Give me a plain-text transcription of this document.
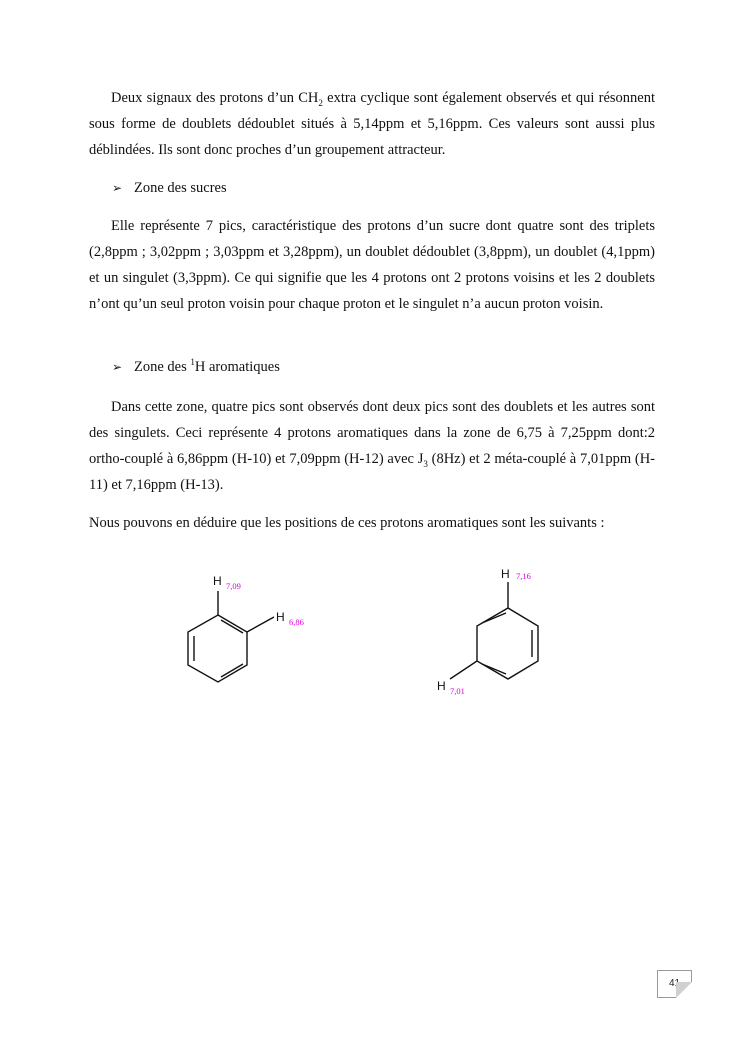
Deux signaux des protons d’un $CH_2$ extra cyclique sont également observés et qui résonnent sous forme de doublets dédoublet situés à 5,14ppm et 5,16ppm. Ces valeurs sont aussi plus déblindées. Ils sont donc proches d’un groupement attracteur.

➢ Zone des sucres

Elle représente 7 pics, caractéristique des protons d’un sucre dont quatre sont des triplets (2,8ppm ; 3,02ppm ; 3,03ppm et 3,28ppm), un doublet dédoublet (3,8ppm), un doublet (4,1ppm) et un singulet (3,3ppm). Ce qui signifie que les 4 protons ont 2 protons voisins et les 2 doublets n’ont qu’un seul proton voisin pour chaque proton et le singulet n’a aucun proton voisin.

➢ Zone des $^1$H aromatiques

Dans cette zone, quatre pics sont observés dont deux pics sont des doublets et les autres sont des singulets. Ceci représente 4 protons aromatiques dans la zone de 6,75 à 7,25ppm dont:2 ortho-couplé à 6,86ppm (H-10) et 7,09ppm (H-12) avec $J_3$ (8Hz) et 2 méta-couplé à 7,01ppm (H-11) et 7,16ppm (H-13).

Nous pouvons en déduire que les positions de ces protons aromatiques sont les suivants :

H 7,09
H 6,86
H 7,16
H 7,01
41
